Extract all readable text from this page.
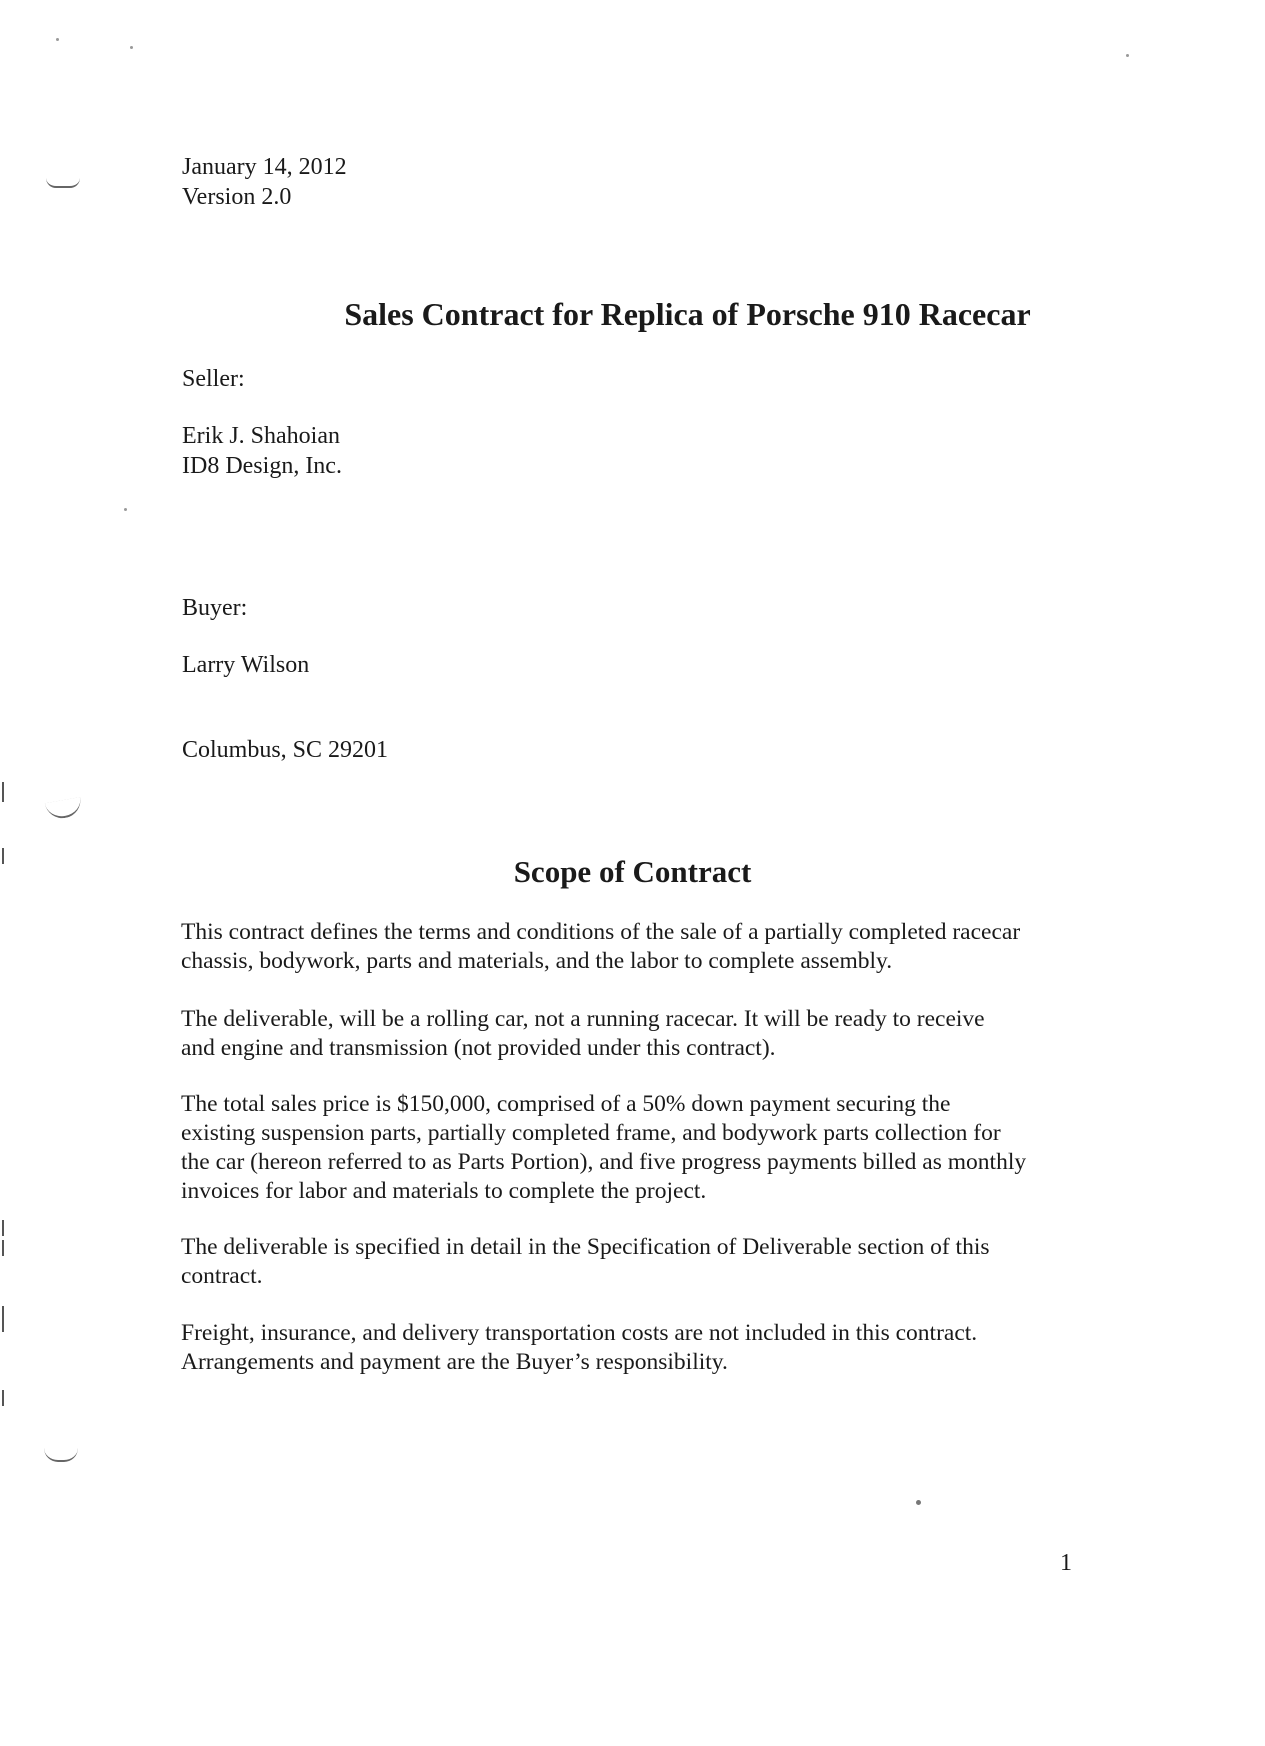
January 14, 2012
Version 2.0
Sales Contract for Replica of Porsche 910 Racecar
Seller:
Erik J. Shahoian
ID8 Design, Inc.
Buyer:
Larry Wilson
Columbus, SC 29201
Scope of Contract

This contract defines the terms and conditions of the sale of a partially completed racecar
chassis, bodywork, parts and materials, and the labor to complete assembly.

The deliverable, will be a rolling car, not a running racecar. It will be ready to receive
and engine and transmission (not provided under this contract).

The total sales price is $150,000, comprised of a 50% down payment securing the
existing suspension parts, partially completed frame, and bodywork parts collection for
the car (hereon referred to as Parts Portion), and five progress payments billed as monthly
invoices for labor and materials to complete the project.

The deliverable is specified in detail in the Specification of Deliverable section of this
contract.

Freight, insurance, and delivery transportation costs are not included in this contract.
Arrangements and payment are the Buyer’s responsibility.

1
